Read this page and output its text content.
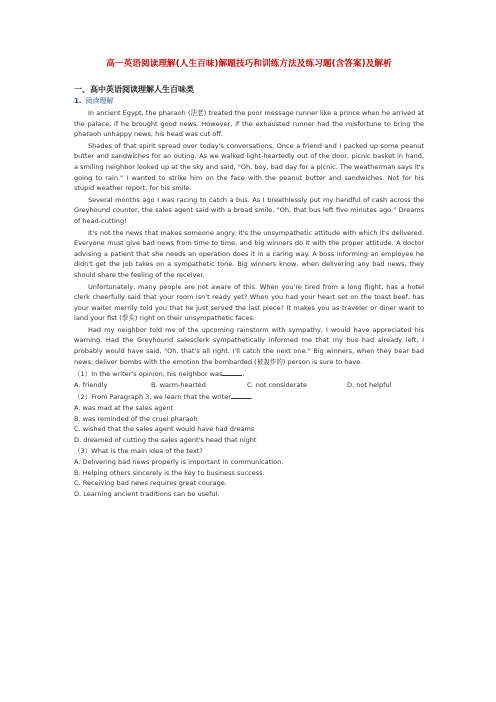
高一英语阅读理解(人生百味)解题技巧和训练方法及练习题(含答案)及解析
一、高中英语阅读理解人生百味类
1. 阅读理解

In ancient Egypt, the pharaoh (法老) treated the poor message runner like a prince when he arrived at the palace, if he brought good news. However, if the exhausted runner had the misfortune to bring the pharaoh unhappy news, his head was cut off.

Shades of that spirit spread over today's conversations. Once a friend and I packed up some peanut butter and sandwiches for an outing. As we walked light-heartedly out of the door, picnic basket in hand, a smiling neighbor looked up at the sky and said, "Oh, boy, bad day for a picnic. The weatherman says it's going to rain." I wanted to strike him on the face with the peanut butter and sandwiches. Not for his stupid weather report, for his smile.

Several months ago I was racing to catch a bus. As I breathlessly put my handful of cash across the Greyhound counter, the sales agent said with a broad smile, "Oh, that bus left five minutes ago." Dreams of head-cutting!

It's not the news that makes someone angry. It's the unsympathetic attitude with which it's delivered. Everyone must give bad news from time to time, and big winners do it with the proper attitude. A doctor advising a patient that she needs an operation does it in a caring way. A boss informing an employee he didn't get the job takes on a sympathetic tone. Big winners know, when delivering any bad news, they should share the feeling of the receiver.

Unfortunately, many people are not aware of this. When you're tired from a long flight, has a hotel clerk cheerfully said that your room isn't ready yet? When you had your heart set on the toast beef, has your waiter merrily told you that he just served the last piece? It makes you as traveler or diner want to land your fist (拳头) right on their unsympathetic faces.

Had my neighbor told me of the upcoming rainstorm with sympathy, I would have appreciated his warning. Had the Greyhound salesclerk sympathetically informed me that my bus had already left, I probably would have said, "Oh, that's all right. I'll catch the next one." Big winners, when they bear bad news, deliver bombs with the emotion the bombarded (被轰炸的) person is sure to have.

（1）In the writer's opinion, his neighbor was	.
A. friendly	B. warm-hearted	C. not considerate	D. not helpful
（2）From Paragraph 3, we learn that the writer	.
A. was mad at the sales agent
B. was reminded of the cruel pharaoh
C. wished that the sales agent would have had dreams
D. dreamed of cutting the sales agent's head that night
（3）What is the main idea of the text?
A. Delivering bad news properly is important in communication.
B. Helping others sincerely is the key to business success.
C. Receiving bad news requires great courage.
D. Learning ancient traditions can be useful.
